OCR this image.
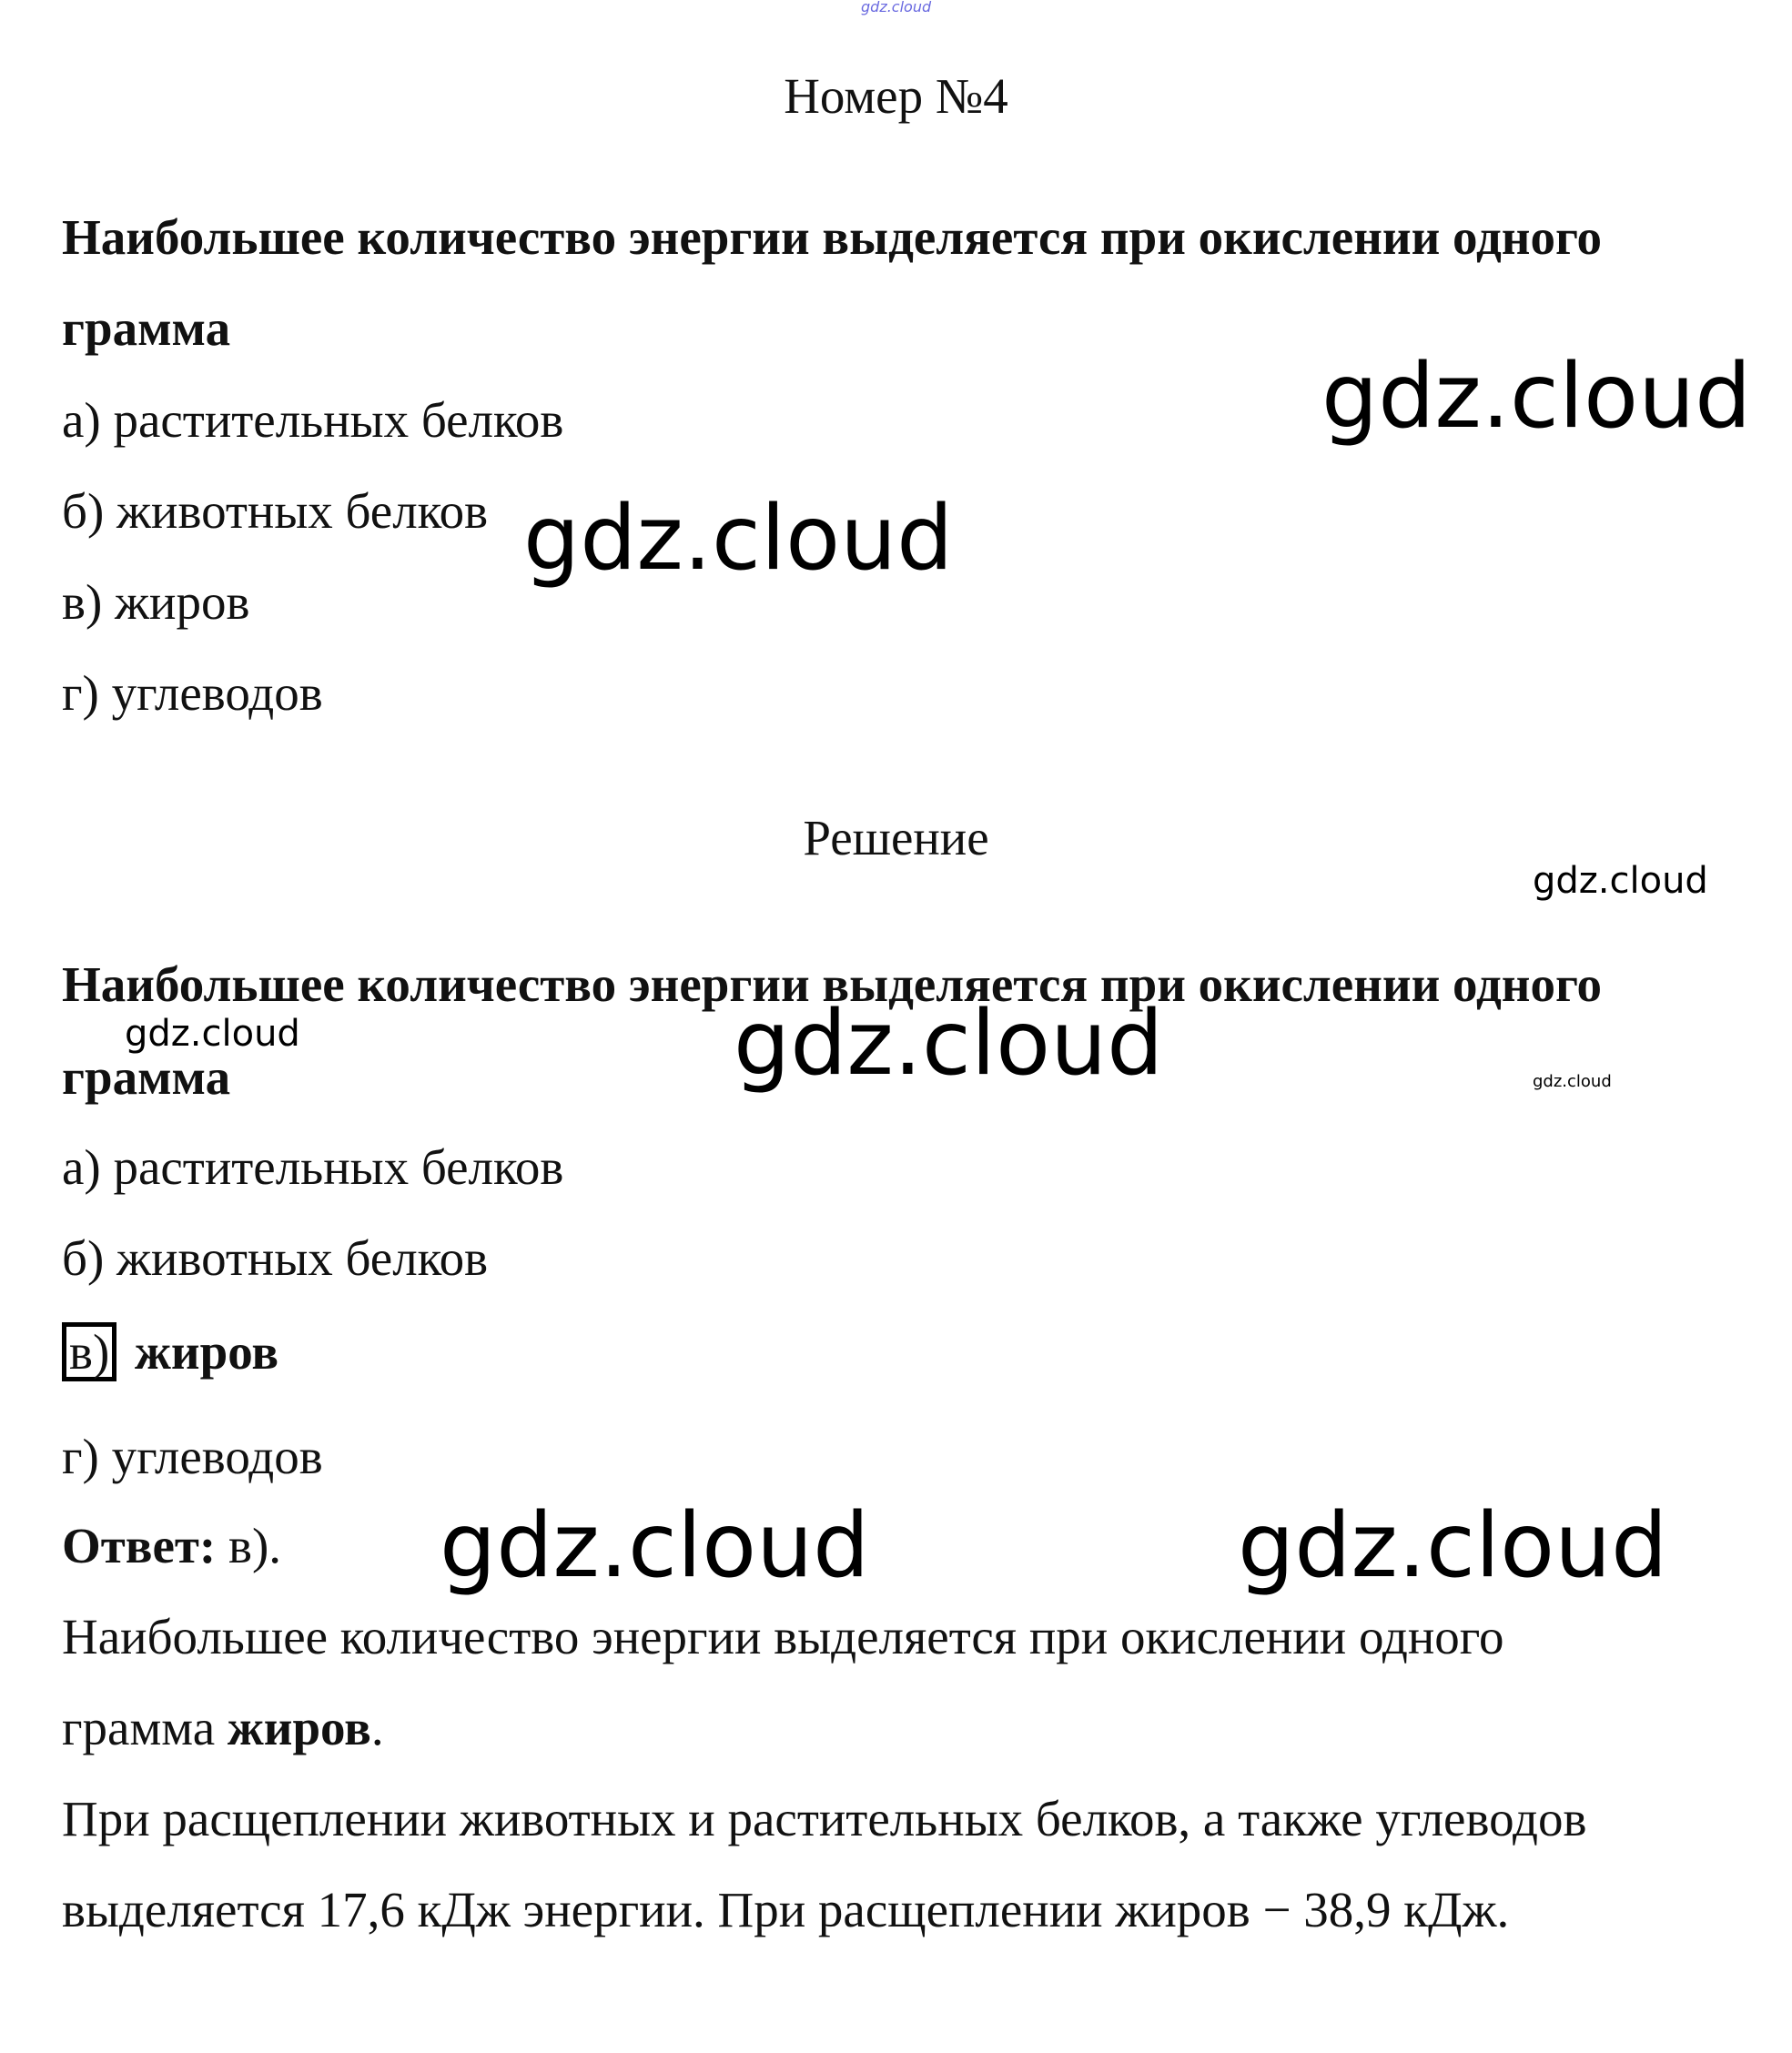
gdz.cloud
Номер №4
Наибольшее количество энергии выделяется при окислении одного
грамма
а) растительных белков
б) животных белков
в) жиров
г) углеводов
Решение
Наибольшее количество энергии выделяется при окислении одного
грамма
а) растительных белков
б) животных белков
в) жиров
г) углеводов
Ответ: в).
Наибольшее количество энергии выделяется при окислении одного
грамма жиров.
При расщеплении животных и растительных белков, а также углеводов
выделяется 17,6 кДж энергии. При расщеплении жиров − 38,9 кДж.
gdz.cloud
gdz.cloud
gdz.cloud
gdz.cloud	gdz.cloud	gdz.cloud
gdz.cloud	gdz.cloud
